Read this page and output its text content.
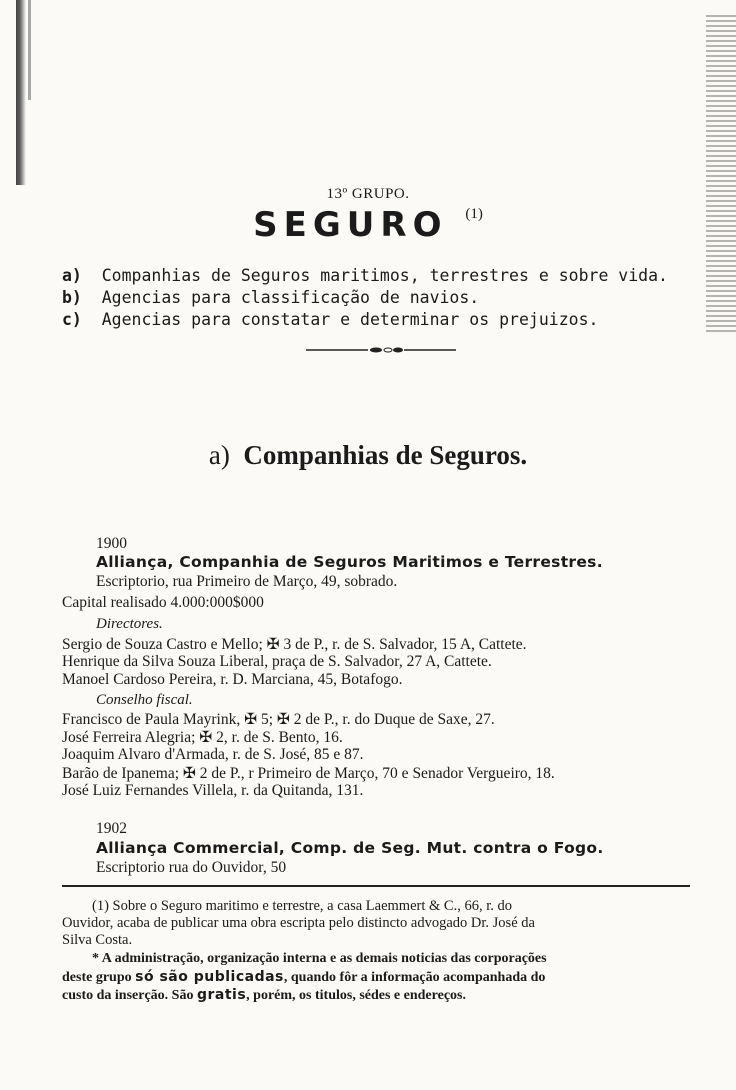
13º GRUPO.
SEGURO $^{(1)}$
a) Companhias de Seguros maritimos, terrestres e sobre vida.
b) Agencias para classificação de navios.
c) Agencias para constatar e determinar os prejuizos.
a) Companhias de Seguros.
1900
Alliança, Companhia de Seguros Maritimos e Terrestres.
Escriptorio, rua Primeiro de Março, 49, sobrado.
Capital realisado 4.000:000$000
Directores.
Sergio de Souza Castro e Mello; ✠ 3 de P., r. de S. Salvador, 15 A, Cattete.
Henrique da Silva Souza Liberal, praça de S. Salvador, 27 A, Cattete.
Manoel Cardoso Pereira, r. D. Marciana, 45, Botafogo.
Conselho fiscal.
Francisco de Paula Mayrink, ✠ 5; ✠ 2 de P., r. do Duque de Saxe, 27.
José Ferreira Alegria; ✠ 2, r. de S. Bento, 16.
Joaquim Alvaro d'Armada, r. de S. José, 85 e 87.
Barão de Ipanema; ✠ 2 de P., r Primeiro de Março, 70 e Senador Vergueiro, 18.
José Luiz Fernandes Villela, r. da Quitanda, 131.
1902
Alliança Commercial, Comp. de Seg. Mut. contra o Fogo.
Escriptorio rua do Ouvidor, 50
(1) Sobre o Seguro maritimo e terrestre, a casa Laemmert & C., 66, r. do
Ouvidor, acaba de publicar uma obra escripta pelo distincto advogado Dr. José da
Silva Costa.
* A administração, organização interna e as demais noticias das corporações
deste grupo só são publicadas, quando fôr a informação acompanhada do
custo da inserção. São gratis, porém, os titulos, sédes e endereços.
